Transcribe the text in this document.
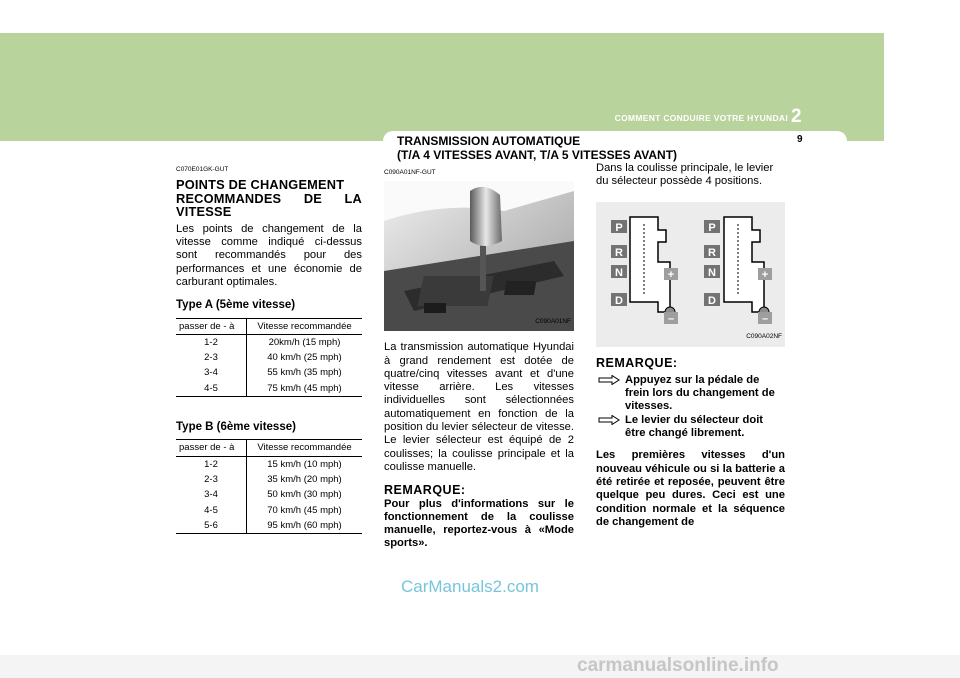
COMMENT CONDUIRE VOTRE HYUNDAI 2
9
TRANSMISSION AUTOMATIQUE
(T/A 4 VITESSES AVANT, T/A 5 VITESSES AVANT)
C070E01GK-GUT
POINTS DE CHANGEMENT
RECOMMANDES DE LA
VITESSE
Les points de changement de la vitesse comme indiqué ci-dessus sont recommandés pour des performances et une économie de carburant optimales.
Type A (5ème vitesse)
passer de - à	Vitesse recommandée
1-2	20km/h (15 mph)
2-3	40 km/h (25 mph)
3-4	55 km/h (35 mph)
4-5	75 km/h (45 mph)
Type B (6ème vitesse)
passer de - à	Vitesse recommandée
1-2	15 km/h (10 mph)
2-3	35 km/h (20 mph)
3-4	50 km/h (30 mph)
4-5	70 km/h (45 mph)
5-6	95 km/h (60 mph)
C090A01NF-GUT
C090A01NF
La transmission automatique Hyundai à grand rendement est dotée de quatre/cinq vitesses avant et d'une vitesse arrière. Les vitesses individuelles sont sélectionnées automatiquement en fonction de la position du levier sélecteur de vitesse. Le levier sélecteur est équipé de 2 coulisses; la coulisse principale et la coulisse manuelle.
REMARQUE:
Pour plus d'informations sur le fonctionnement de la coulisse manuelle, reportez-vous à «Mode sports».
Dans la coulisse principale, le levier du sélecteur possède 4 positions.
P
R
N
D
+
–
P
R
N
D
+
–
C090A02NF
REMARQUE:
Appuyez sur la pédale de frein lors du changement de vitesses.
Le levier du sélecteur doit être changé librement.
Les premières vitesses d'un nouveau véhicule ou si la batterie a été retirée et reposée, peuvent être quelque peu dures. Ceci est une condition normale et la séquence de changement de
CarManuals2.com
carmanualsonline.info
